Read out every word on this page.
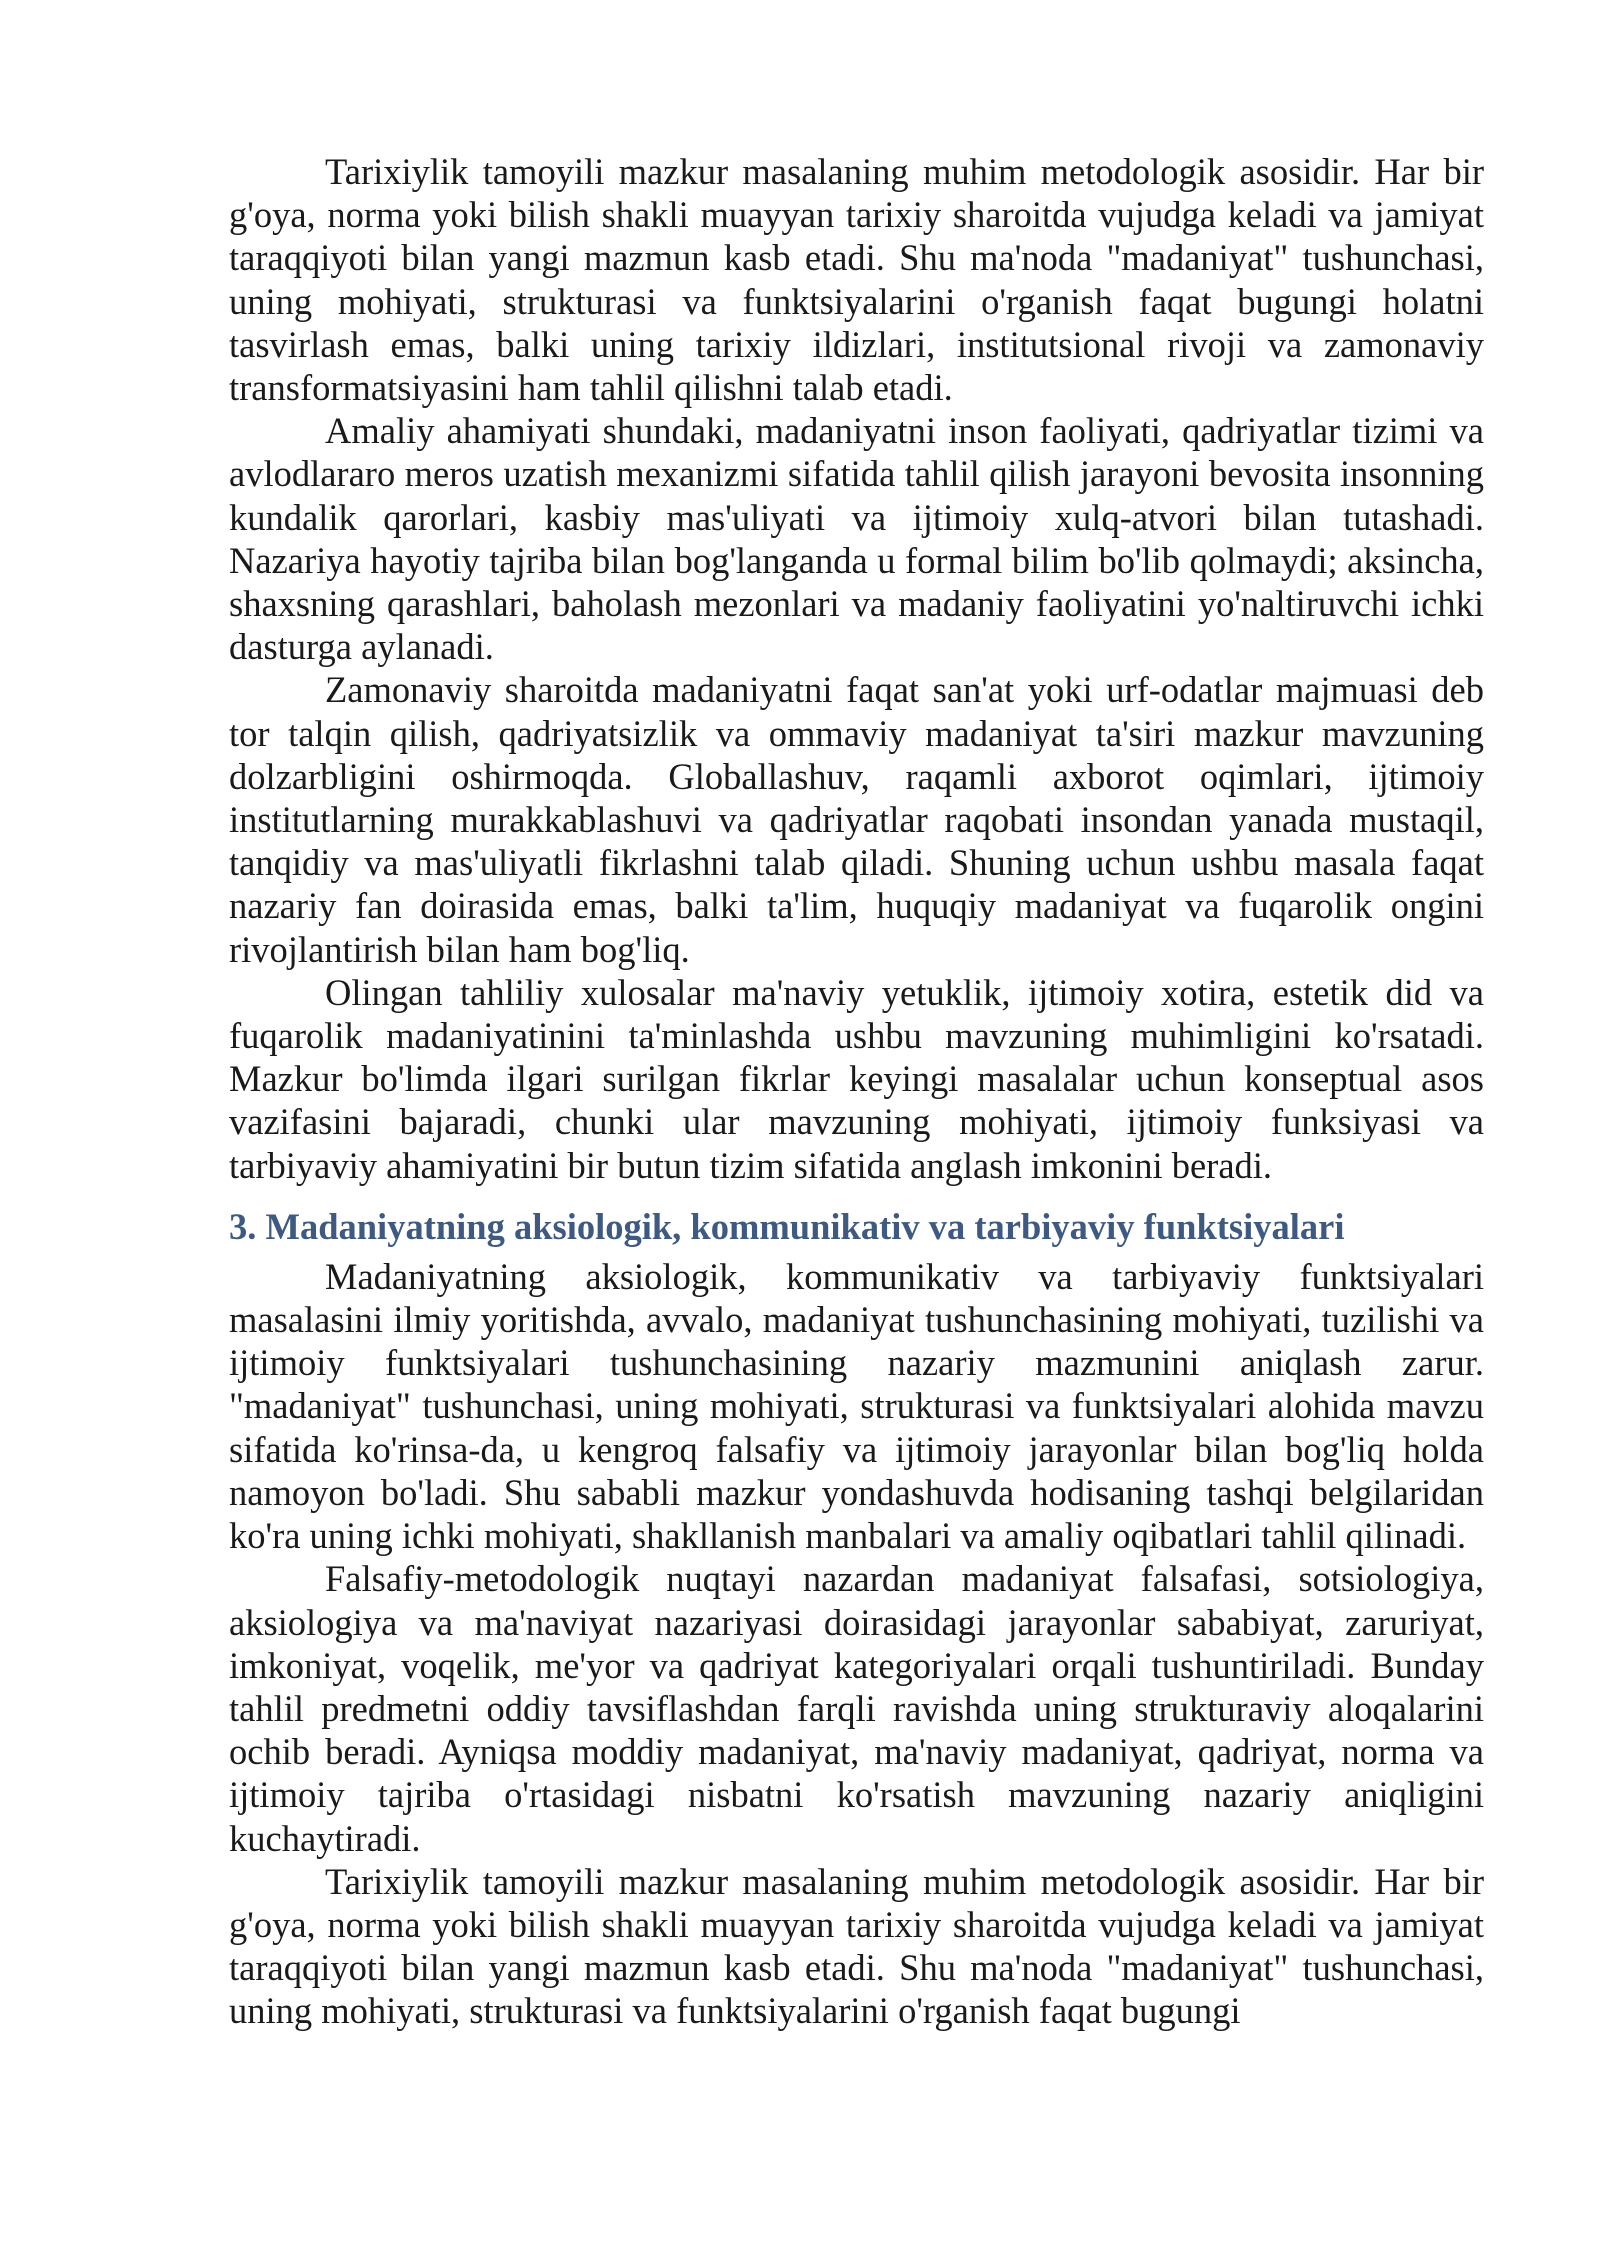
Tarixiylik tamoyili mazkur masalaning muhim metodologik asosidir. Har bir g'oya, norma yoki bilish shakli muayyan tarixiy sharoitda vujudga keladi va jamiyat taraqqiyoti bilan yangi mazmun kasb etadi. Shu ma'noda "madaniyat" tushunchasi, uning mohiyati, strukturasi va funktsiyalarini o'rganish faqat bugungi holatni tasvirlash emas, balki uning tarixiy ildizlari, institutsional rivoji va zamonaviy transformatsiyasini ham tahlil qilishni talab etadi.

Amaliy ahamiyati shundaki, madaniyatni inson faoliyati, qadriyatlar tizimi va avlodlararo meros uzatish mexanizmi sifatida tahlil qilish jarayoni bevosita insonning kundalik qarorlari, kasbiy mas'uliyati va ijtimoiy xulq-atvori bilan tutashadi. Nazariya hayotiy tajriba bilan bog'langanda u formal bilim bo'lib qolmaydi; aksincha, shaxsning qarashlari, baholash mezonlari va madaniy faoliyatini yo'naltiruvchi ichki dasturga aylanadi.

Zamonaviy sharoitda madaniyatni faqat san'at yoki urf-odatlar majmuasi deb tor talqin qilish, qadriyatsizlik va ommaviy madaniyat ta'siri mazkur mavzuning dolzarbligini oshirmoqda. Globallashuv, raqamli axborot oqimlari, ijtimoiy institutlarning murakkablashuvi va qadriyatlar raqobati insondan yanada mustaqil, tanqidiy va mas'uliyatli fikrlashni talab qiladi. Shuning uchun ushbu masala faqat nazariy fan doirasida emas, balki ta'lim, huquqiy madaniyat va fuqarolik ongini rivojlantirish bilan ham bog'liq.

Olingan tahliliy xulosalar ma'naviy yetuklik, ijtimoiy xotira, estetik did va fuqarolik madaniyatinini ta'minlashda ushbu mavzuning muhimligini ko'rsatadi. Mazkur bo'limda ilgari surilgan fikrlar keyingi masalalar uchun konseptual asos vazifasini bajaradi, chunki ular mavzuning mohiyati, ijtimoiy funksiyasi va tarbiyaviy ahamiyatini bir butun tizim sifatida anglash imkonini beradi.

3. Madaniyatning aksiologik, kommunikativ va tarbiyaviy funktsiyalari

Madaniyatning aksiologik, kommunikativ va tarbiyaviy funktsiyalari masalasini ilmiy yoritishda, avvalo, madaniyat tushunchasining mohiyati, tuzilishi va ijtimoiy funktsiyalari tushunchasining nazariy mazmunini aniqlash zarur. "madaniyat" tushunchasi, uning mohiyati, strukturasi va funktsiyalari alohida mavzu sifatida ko'rinsa-da, u kengroq falsafiy va ijtimoiy jarayonlar bilan bog'liq holda namoyon bo'ladi. Shu sababli mazkur yondashuvda hodisaning tashqi belgilaridan ko'ra uning ichki mohiyati, shakllanish manbalari va amaliy oqibatlari tahlil qilinadi.

Falsafiy-metodologik nuqtayi nazardan madaniyat falsafasi, sotsiologiya, aksiologiya va ma'naviyat nazariyasi doirasidagi jarayonlar sababiyat, zaruriyat, imkoniyat, voqelik, me'yor va qadriyat kategoriyalari orqali tushuntiriladi. Bunday tahlil predmetni oddiy tavsiflashdan farqli ravishda uning strukturaviy aloqalarini ochib beradi. Ayniqsa moddiy madaniyat, ma'naviy madaniyat, qadriyat, norma va ijtimoiy tajriba o'rtasidagi nisbatni ko'rsatish mavzuning nazariy aniqligini kuchaytiradi.

Tarixiylik tamoyili mazkur masalaning muhim metodologik asosidir. Har bir g'oya, norma yoki bilish shakli muayyan tarixiy sharoitda vujudga keladi va jamiyat taraqqiyoti bilan yangi mazmun kasb etadi. Shu ma'noda "madaniyat" tushunchasi, uning mohiyati, strukturasi va funktsiyalarini o'rganish faqat bugungi
